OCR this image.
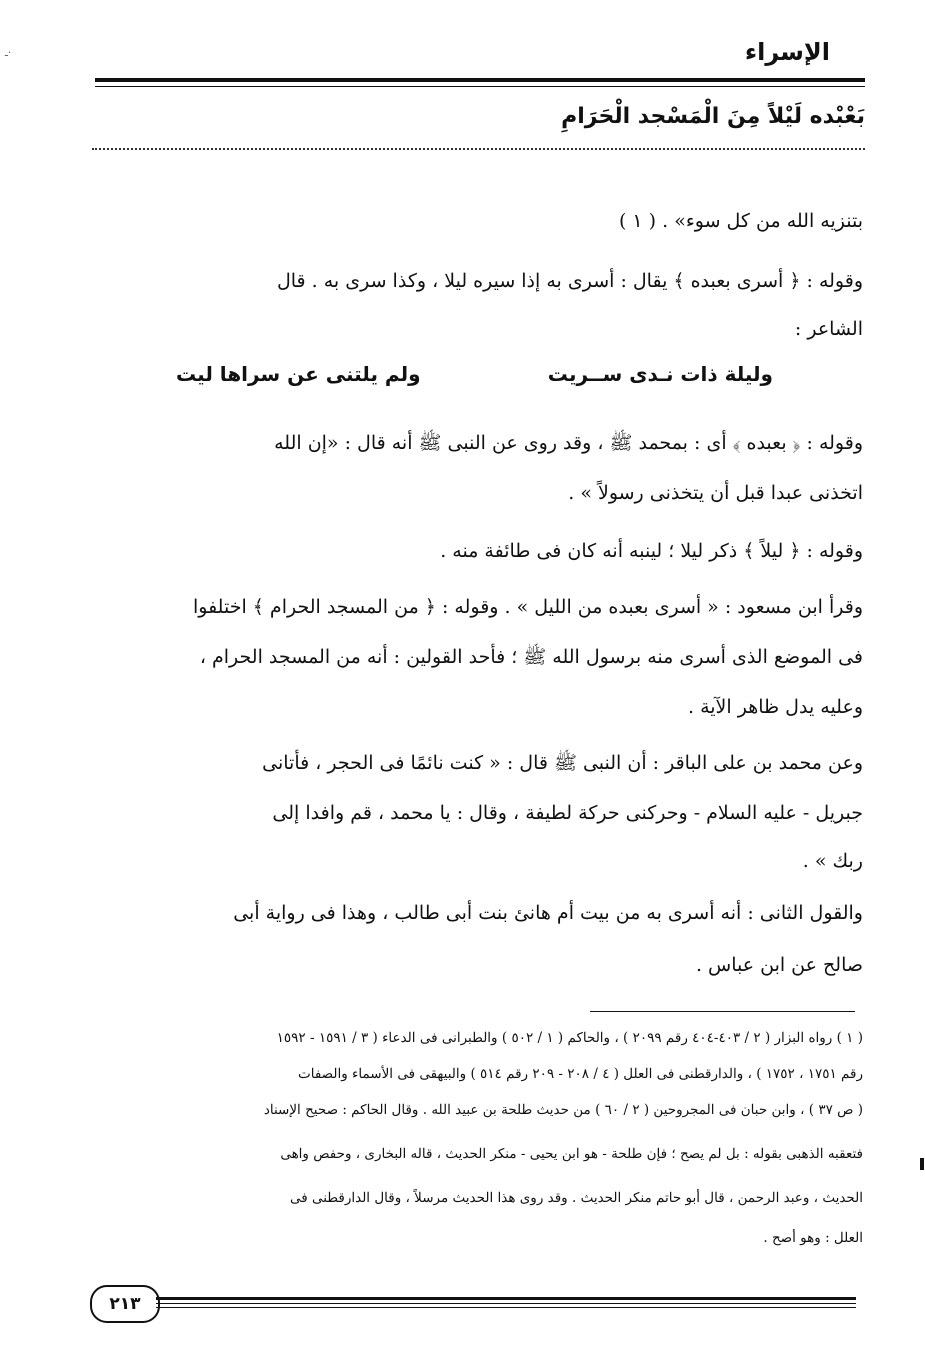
ـ·	الإسراء
بَعْبْده لَيْلاً مِنَ الْمَسْجد الْحَرَامِ
بتنزيه الله من كل سوء» . ( ١ )
وقوله : ﴿ أسرى بعبده ﴾ يقال : أسرى به إذا سيره ليلا ، وكذا سرى به . قال
الشاعر :
وليلة ذات نـدى ســريت
ولم يلتنى عن سراها ليت
وقوله : ﴿ بعبده ﴾ أى : بمحمد ﷺ ، وقد روى عن النبى ﷺ أنه قال : «إن الله
اتخذنى عبدا قبل أن يتخذنى رسولاً » .
وقوله : ﴿ ليلاً ﴾ ذكر ليلا ؛ لينبه أنه كان فى طائفة منه .
وقرأ ابن مسعود : « أسرى بعبده من الليل » . وقوله : ﴿ من المسجد الحرام ﴾ اختلفوا
فى الموضع الذى أسرى منه برسول الله ﷺ ؛ فأحد القولين : أنه من المسجد الحرام ،
وعليه يدل ظاهر الآية .
وعن محمد بن على الباقر : أن النبى ﷺ قال : « كنت نائمًا فى الحجر ، فأتانى
جبريل - عليه السلام - وحركنى حركة لطيفة ، وقال : يا محمد ، قم وافدا إلى
ربك » .
والقول الثانى : أنه أسرى به من بيت أم هانئ بنت أبى طالب ، وهذا فى رواية أبى
صالح عن ابن عباس .
( ١ ) رواه البزار ( ٢ / ٤٠٣-٤٠٤ رقم ٢٠٩٩ ) ، والحاكم ( ١ / ٥٠٢ ) والطبرانى فى الدعاء ( ٣ / ١٥٩١ - ١٥٩٢
رقم ١٧٥١ ، ١٧٥٢ ) ، والدارقطنى فى العلل ( ٤ / ٢٠٨ - ٢٠٩ رقم ٥١٤ ) والبيهقى فى الأسماء والصفات
( ص ٣٧ ) ، وابن حبان فى المجروحين ( ٢ / ٦٠ ) من حديث طلحة بن عبيد الله . وقال الحاكم : صحيح الإسناد
فتعقبه الذهبى بقوله : بل لم يصح ؛ فإن طلحة - هو ابن يحيى - منكر الحديث ، قاله البخارى ، وحفص واهى
الحديث ، وعبد الرحمن ، قال أبو حاتم منكر الحديث . وقد روى هذا الحديث مرسلاً ، وقال الدارقطنى فى
العلل : وهو أصح .
٢١٣
